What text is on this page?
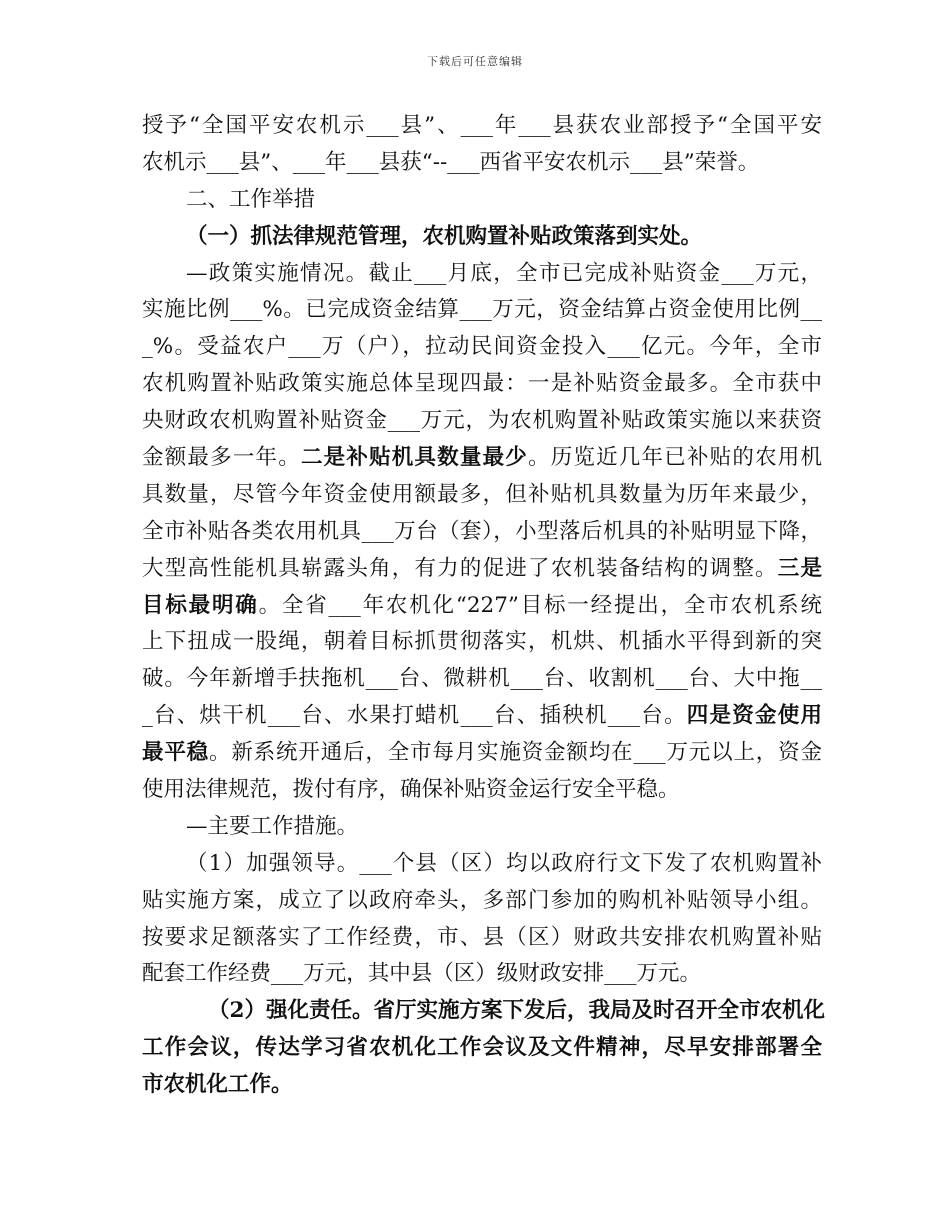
下载后可任意编辑
授予“全国平安农机示___县”、___年___县获农业部授予“全国平安
农机示___县”、___年___县获“--___西省平安农机示___县”荣誉。
二、工作举措
（一）抓法律规范管理，农机购置补贴政策落到实处。
—政策实施情况。截止___月底，全市已完成补贴资金___万元，
实施比例___%。已完成资金结算___万元，资金结算占资金使用比例__
_%。受益农户___万（户），拉动民间资金投入___亿元。今年，全市
农机购置补贴政策实施总体呈现四最：一是补贴资金最多。全市获中
央财政农机购置补贴资金___万元，为农机购置补贴政策实施以来获资
金额最多一年。二是补贴机具数量最少。历览近几年已补贴的农用机
具数量，尽管今年资金使用额最多，但补贴机具数量为历年来最少，
全市补贴各类农用机具___万台（套），小型落后机具的补贴明显下降，
大型高性能机具崭露头角，有力的促进了农机装备结构的调整。三是
目标最明确。全省___年农机化“227”目标一经提出，全市农机系统
上下扭成一股绳，朝着目标抓贯彻落实，机烘、机插水平得到新的突
破。今年新增手扶拖机___台、微耕机___台、收割机___台、大中拖__
_台、烘干机___台、水果打蜡机___台、插秧机___台。四是资金使用
最平稳。新系统开通后，全市每月实施资金额均在___万元以上，资金
使用法律规范，拨付有序，确保补贴资金运行安全平稳。
—主要工作措施。
（1）加强领导。___个县（区）均以政府行文下发了农机购置补
贴实施方案，成立了以政府牵头，多部门参加的购机补贴领导小组。
按要求足额落实了工作经费，市、县（区）财政共安排农机购置补贴
配套工作经费___万元，其中县（区）级财政安排___万元。
（2）强化责任。省厅实施方案下发后，我局及时召开全市农机化
工作会议，传达学习省农机化工作会议及文件精神，尽早安排部署全
市农机化工作。
